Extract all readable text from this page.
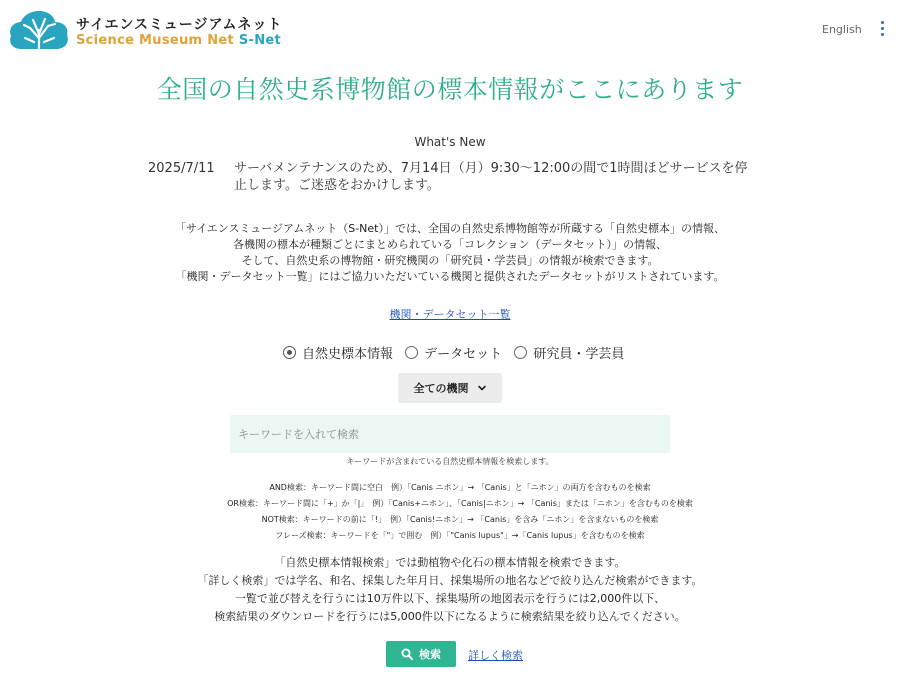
サイエンスミュージアムネット
Science Museum Net S-Net
English
全国の自然史系博物館の標本情報がここにあります
What's New
2025/7/11 サーバメンテナンスのため、7月14日（月）9:30～12:00の間で1時間ほどサービスを停止します。ご迷惑をおかけします。
「サイエンスミュージアムネット（S-Net）」では、全国の自然史系博物館等が所蔵する「自然史標本」の情報、
各機関の標本が種類ごとにまとめられている「コレクション（データセット）」の情報、
そして、自然史系の博物館・研究機関の「研究員・学芸員」の情報が検索できます。
「機関・データセット一覧」にはご協力いただいている機関と提供されたデータセットがリストされています。
機関・データセット一覧
自然史標本情報
データセット
研究員・学芸員
全ての機関
キーワードを入れて検索
キーワードが含まれている自然史標本情報を検索します。
AND検索：キーワード間に空白　例）「Canis ニホン」→ 「Canis」と「ニホン」の両方を含むものを検索
OR検索：キーワード間に「+」か「|」　例）「Canis+ニホン」、「Canis|ニホン」→ 「Canis」または「ニホン」を含むものを検索
NOT検索：キーワードの前に「!」　例）「Canis!ニホン」→ 「Canis」を含み「ニホン」を含まないものを検索
フレーズ検索：キーワードを「"」で囲む　例）「"Canis lupus"」→「Canis lupus」を含むものを検索
「自然史標本情報検索」では動植物や化石の標本情報を検索できます。
「詳しく検索」では学名、和名、採集した年月日、採集場所の地名などで絞り込んだ検索ができます。
一覧で並び替えを行うには10万件以下、採集場所の地図表示を行うには2,000件以下、
検索結果のダウンロードを行うには5,000件以下になるように検索結果を絞り込んでください。
検索 詳しく検索
